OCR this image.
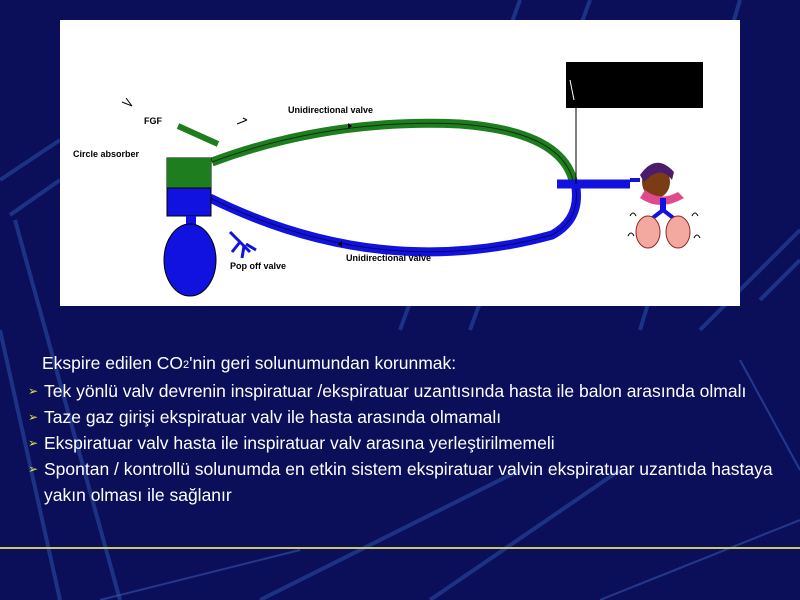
FGF
Circle absorber
Unidirectional valve
Unidirectional valve
Pop off valve
Ekspire edilen CO2'nin geri solunumundan korunmak:
➢ Tek yönlü valv devrenin inspiratuar /ekspiratuar uzantısında hasta ile balon arasında olmalı
➢ Taze gaz girişi ekspiratuar valv ile hasta arasında olmamalı
➢ Ekspiratuar valv hasta ile inspiratuar valv arasına yerleştirilmemeli
➢ Spontan / kontrollü solunumda en etkin sistem ekspiratuar valvin ekspiratuar uzantıda hastaya yakın olması ile sağlanır
